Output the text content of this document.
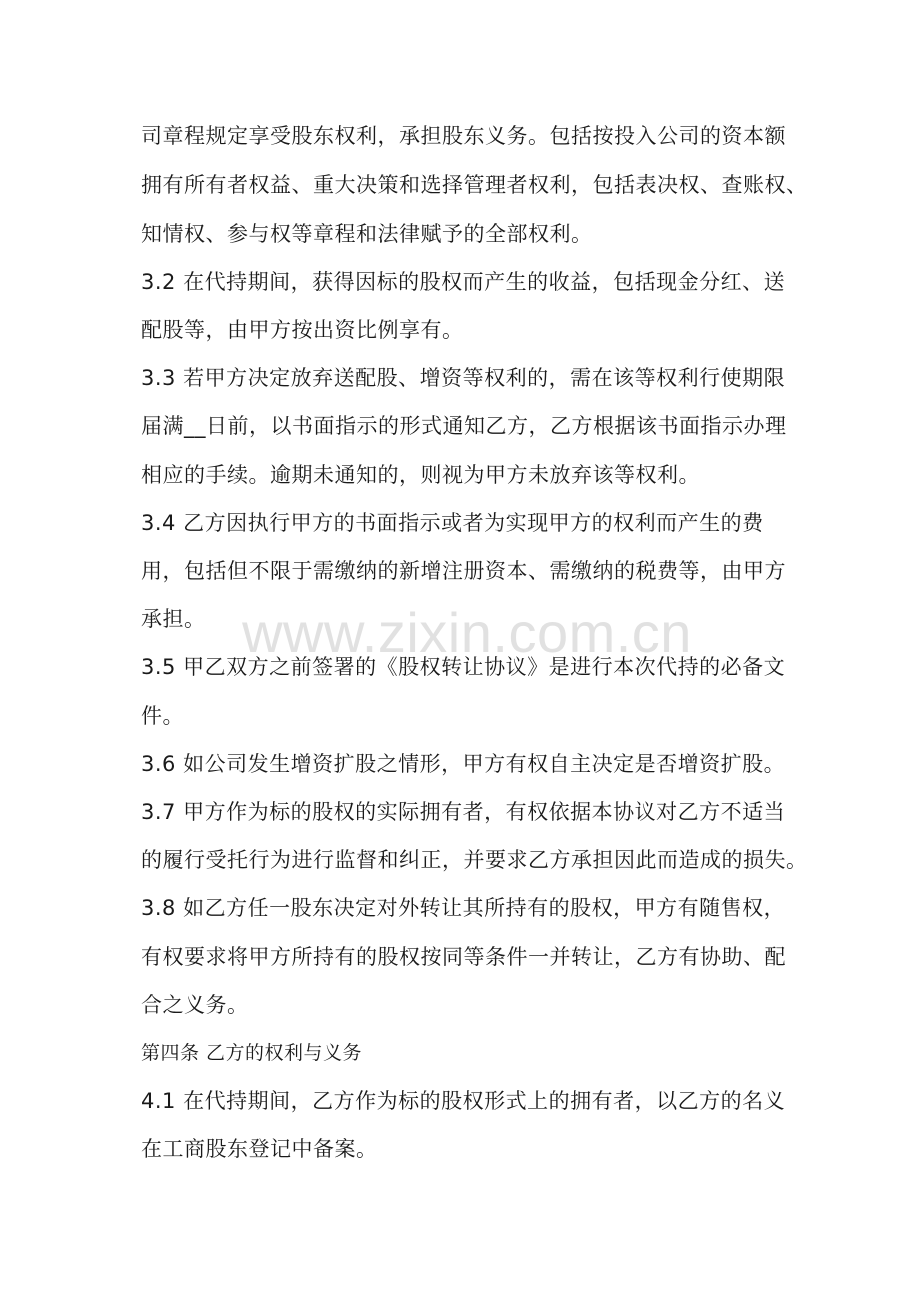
司章程规定享受股东权利，承担股东义务。包括按投入公司的资本额
拥有所有者权益、重大决策和选择管理者权利，包括表决权、查账权、
知情权、参与权等章程和法律赋予的全部权利。
3.2 在代持期间，获得因标的股权而产生的收益，包括现金分红、送
配股等，由甲方按出资比例享有。
3.3 若甲方决定放弃送配股、增资等权利的，需在该等权利行使期限
届满__日前，以书面指示的形式通知乙方，乙方根据该书面指示办理
相应的手续。逾期未通知的，则视为甲方未放弃该等权利。
3.4 乙方因执行甲方的书面指示或者为实现甲方的权利而产生的费
用，包括但不限于需缴纳的新增注册资本、需缴纳的税费等，由甲方
承担。
3.5 甲乙双方之前签署的《股权转让协议》是进行本次代持的必备文
件。
3.6 如公司发生增资扩股之情形，甲方有权自主决定是否增资扩股。
3.7 甲方作为标的股权的实际拥有者，有权依据本协议对乙方不适当
的履行受托行为进行监督和纠正，并要求乙方承担因此而造成的损失。
3.8 如乙方任一股东决定对外转让其所持有的股权，甲方有随售权，
有权要求将甲方所持有的股权按同等条件一并转让，乙方有协助、配
合之义务。
第四条 乙方的权利与义务
4.1 在代持期间，乙方作为标的股权形式上的拥有者，以乙方的名义
在工商股东登记中备案。
www.zixin.com.cn
